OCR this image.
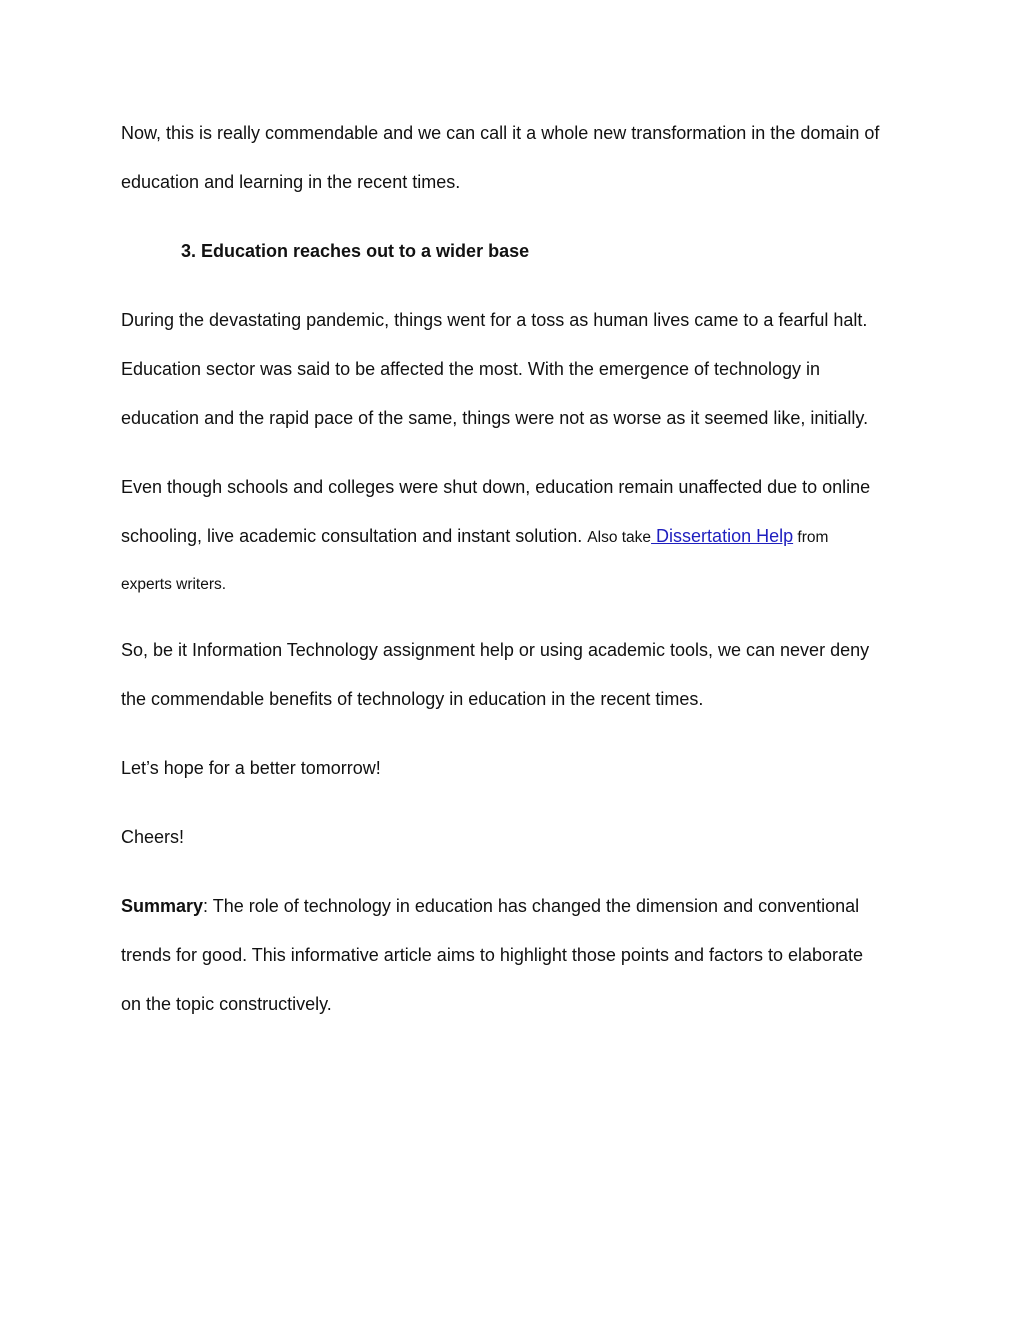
Now, this is really commendable and we can call it a whole new transformation in the domain of
education and learning in the recent times.
3. Education reaches out to a wider base
During the devastating pandemic, things went for a toss as human lives came to a fearful halt.
Education sector was said to be affected the most. With the emergence of technology in
education and the rapid pace of the same, things were not as worse as it seemed like, initially.
Even though schools and colleges were shut down, education remain unaffected due to online
schooling, live academic consultation and instant solution. Also take Dissertation Help from
experts writers.
So, be it Information Technology assignment help or using academic tools, we can never deny
the commendable benefits of technology in education in the recent times.
Let’s hope for a better tomorrow!
Cheers!
Summary: The role of technology in education has changed the dimension and conventional
trends for good. This informative article aims to highlight those points and factors to elaborate
on the topic constructively.
